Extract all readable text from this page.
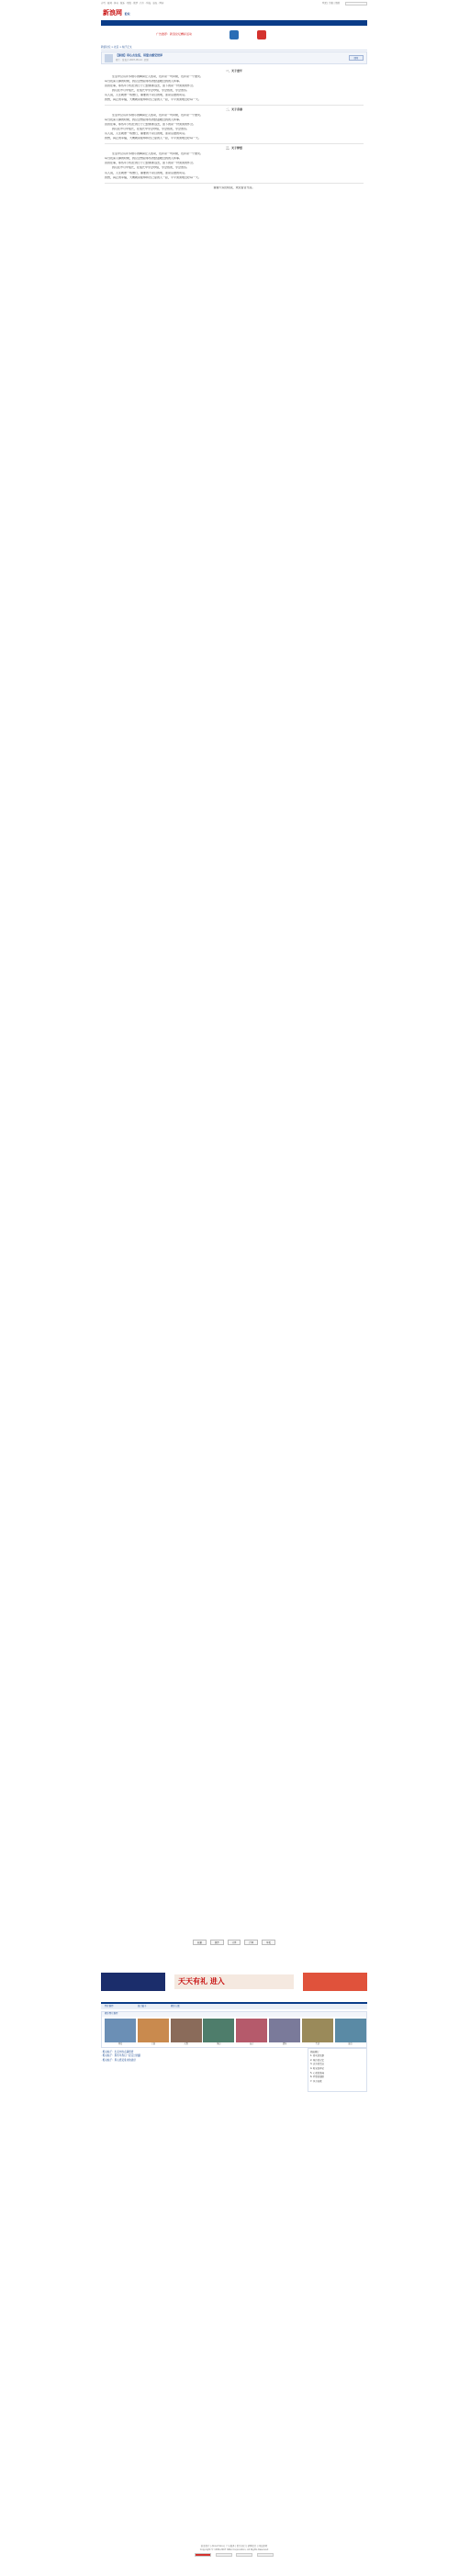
首页 · 新闻 · 体育 · 娱乐 · 财经 · 股票 · 汽车 · 科技 · 论坛 · 博客	登录 | 注册 | 帮助
新浪网 论坛
广告推荐：新浪论坛精彩活动
新浪论坛 > 社区 > 帖子正文
【原创】用心去生活，用爱去感受世界
楼主 · 发表于 2007-05-12 · 回复
回复
一、关于童年
生活中总有许多细小的瞬间让人感动，也许是一句问候，也许是一个微笑。
每当夜深人静的时候，我总会想起那些曾经温暖过我的人和事。
回首往事，那些年少轻狂的日子已经渐渐远去，留下的是一份淡淡的怀念。
我们在岁月中成长，在成长中学会珍惜，学会感恩，学会宽容。
有人说，人生就像一场旅行，重要的不是目的地，而是沿途的风景。
我想，真正的幸福，大概就是能够和自己爱的人一起，平平淡淡地过好每一天。
二、关于青春
生活中总有许多细小的瞬间让人感动，也许是一句问候，也许是一个微笑。
每当夜深人静的时候，我总会想起那些曾经温暖过我的人和事。
回首往事，那些年少轻狂的日子已经渐渐远去，留下的是一份淡淡的怀念。
我们在岁月中成长，在成长中学会珍惜，学会感恩，学会宽容。
有人说，人生就像一场旅行，重要的不是目的地，而是沿途的风景。
我想，真正的幸福，大概就是能够和自己爱的人一起，平平淡淡地过好每一天。
三、关于梦想
生活中总有许多细小的瞬间让人感动，也许是一句问候，也许是一个微笑。
每当夜深人静的时候，我总会想起那些曾经温暖过我的人和事。
回首往事，那些年少轻狂的日子已经渐渐远去，留下的是一份淡淡的怀念。
我们在岁月中成长，在成长中学会珍惜，学会感恩，学会宽容。
有人说，人生就像一场旅行，重要的不是目的地，而是沿途的风景。
我想，真正的幸福，大概就是能够和自己爱的人一起，平平淡淡地过好每一天。
谢谢大家的阅读，欢迎留言交流。
收藏	推荐	分享	打印	举报
天天有礼 进入
图片推荐	热门帖子	精彩专题
精彩图片推荐
风景	美食	人物	城市	花卉	建筑	生活	旅行
· 相关帖子：生活中的点滴感悟
· 相关帖子：那些年我们一起走过的路
· 相关帖子：用心感受身边的美好
热帖排行
1. 春天的故事
2. 城市的记忆
3. 远方的思念
4. 时光的印记
5. 心灵的港湾
6. 梦想的翅膀
7. 岁月如歌
新浪简介 | About Sina | 广告服务 | 联系我们 | 招聘信息 | 网站律师
Copyright © 1996-2007 SINA Corporation, All Rights Reserved
